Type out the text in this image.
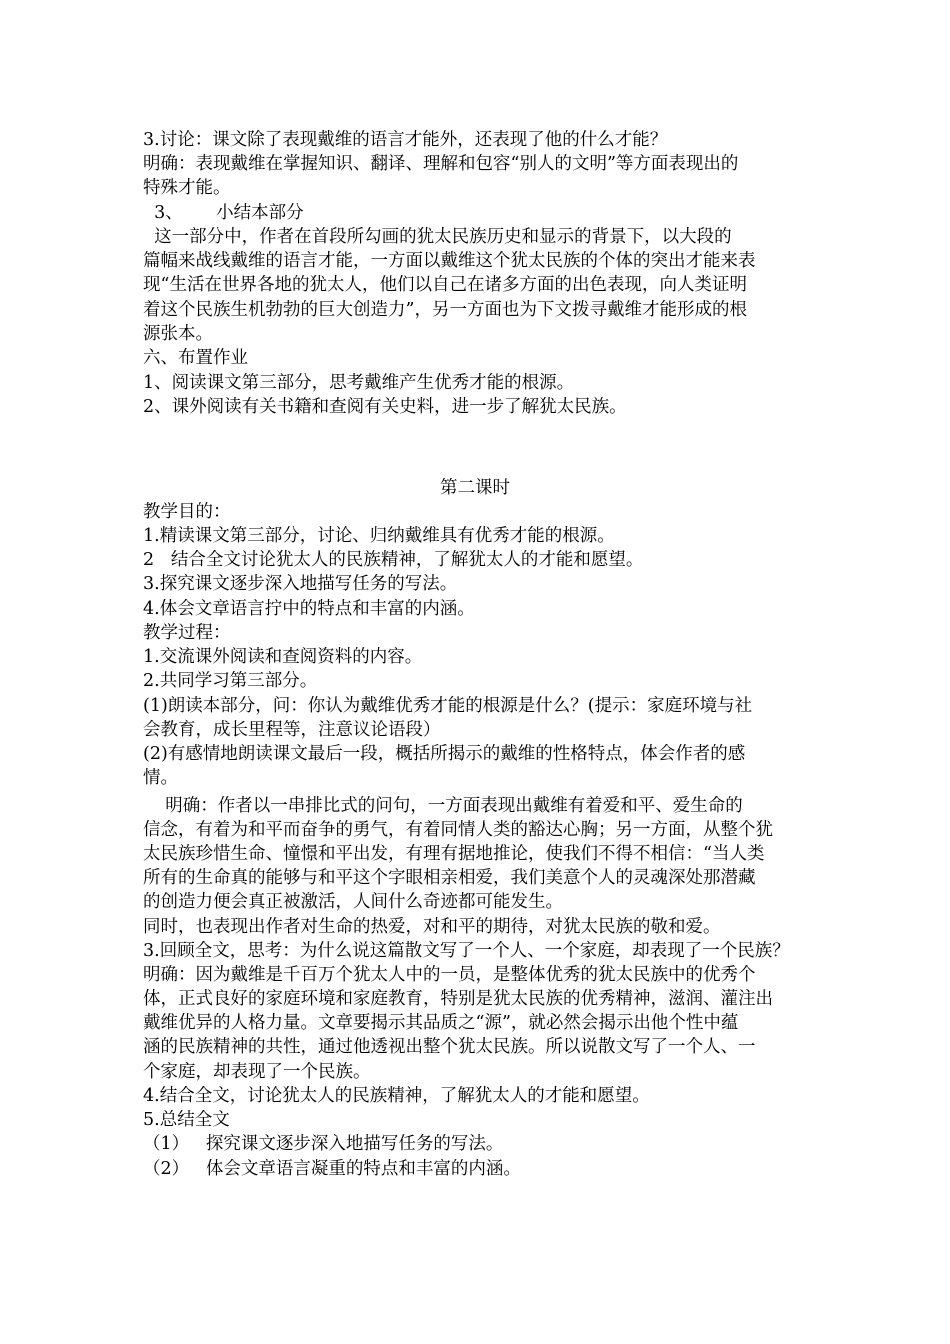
3.讨论：课文除了表现戴维的语言才能外，还表现了他的什么才能？
明确：表现戴维在掌握知识、翻译、理解和包容“别人的文明”等方面表现出的
特殊才能。
3、      小结本部分
这一部分中，作者在首段所勾画的犹太民族历史和显示的背景下，以大段的
篇幅来战线戴维的语言才能，一方面以戴维这个犹太民族的个体的突出才能来表
现“生活在世界各地的犹太人，他们以自己在诸多方面的出色表现，向人类证明
着这个民族生机勃勃的巨大创造力”，另一方面也为下文拨寻戴维才能形成的根
源张本。
六、布置作业
1、阅读课文第三部分，思考戴维产生优秀才能的根源。
2、课外阅读有关书籍和查阅有关史料，进一步了解犹太民族。
第二课时
教学目的：
1.精读课文第三部分，讨论、归纳戴维具有优秀才能的根源。
2   结合全文讨论犹太人的民族精神，了解犹太人的才能和愿望。
3.探究课文逐步深入地描写任务的写法。
4.体会文章语言拧中的特点和丰富的内涵。
教学过程：
1.交流课外阅读和查阅资料的内容。
2.共同学习第三部分。
(1)朗读本部分，问：你认为戴维优秀才能的根源是什么？(提示：家庭环境与社
会教育，成长里程等，注意议论语段）
(2)有感情地朗读课文最后一段，概括所揭示的戴维的性格特点，体会作者的感
情。
明确：作者以一串排比式的问句，一方面表现出戴维有着爱和平、爱生命的
信念，有着为和平而奋争的勇气，有着同情人类的豁达心胸；另一方面，从整个犹
太民族珍惜生命、憧憬和平出发，有理有据地推论，使我们不得不相信：“当人类
所有的生命真的能够与和平这个字眼相亲相爱，我们美意个人的灵魂深处那潜藏
的创造力便会真正被激活，人间什么奇迹都可能发生。
同时，也表现出作者对生命的热爱，对和平的期待，对犹太民族的敬和爱。
3.回顾全文，思考：为什么说这篇散文写了一个人、一个家庭，却表现了一个民族？
明确：因为戴维是千百万个犹太人中的一员，是整体优秀的犹太民族中的优秀个
体，正式良好的家庭环境和家庭教育，特别是犹太民族的优秀精神，滋润、灌注出
戴维优异的人格力量。文章要揭示其品质之“源”，就必然会揭示出他个性中蕴
涵的民族精神的共性，通过他透视出整个犹太民族。所以说散文写了一个人、一
个家庭，却表现了一个民族。
4.结合全文，讨论犹太人的民族精神，了解犹太人的才能和愿望。
5.总结全文
（1）   探究课文逐步深入地描写任务的写法。
（2）   体会文章语言凝重的特点和丰富的内涵。
